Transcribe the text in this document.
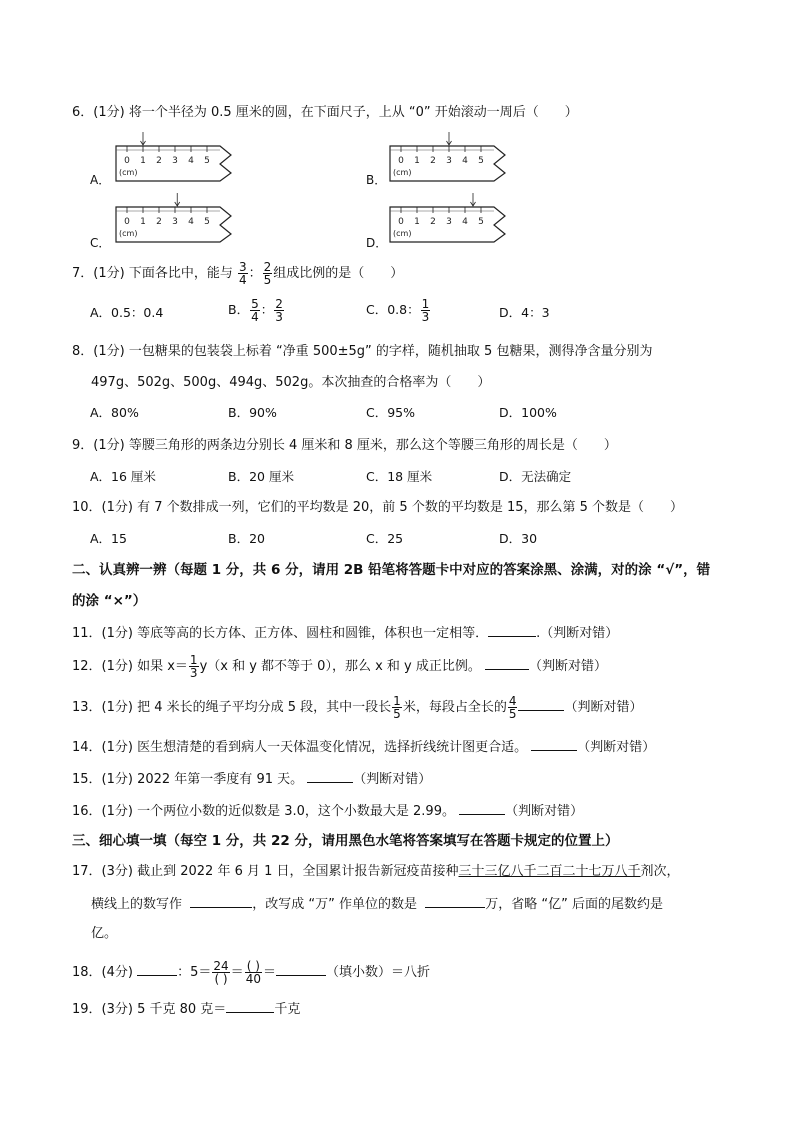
6．(1分) 将一个半径为 0.5 厘米的圆，在下面尺子，上从 “0” 开始滚动一周后（　　）
A．
0 1 2 3 4 5
(cm)
B．
0 1 2 3 4 5
(cm)
C．
0 1 2 3 4 5
(cm)
D．
0 1 2 3 4 5
(cm)
7．(1分) 下面各比中，能与 $\frac{3}{4}$ ： $\frac{2}{5}$ 组成比例的是（　　）
A．0.5：0.4	B． $\frac{5}{4}$ ： $\frac{2}{3}$	C．0.8： $\frac{1}{3}$	D．4：3
8．(1分) 一包糖果的包装袋上标着 “净重 500±5g” 的字样，随机抽取 5 包糖果，测得净含量分别为
497g、502g、500g、494g、502g。本次抽查的合格率为（　　）
A．80%	B．90%	C．95%	D．100%
9．(1分) 等腰三角形的两条边分别长 4 厘米和 8 厘米，那么这个等腰三角形的周长是（　　）
A．16 厘米	B．20 厘米	C．18 厘米	D．无法确定
10．(1分) 有 7 个数排成一列，它们的平均数是 20，前 5 个数的平均数是 15，那么第 5 个数是（　　）
A．15	B．20	C．25	D．30
二、认真辨一辨（每题 1 分，共 6 分，请用 2B 铅笔将答题卡中对应的答案涂黑、涂满，对的涂 “√”，错
的涂 “×”）
11．(1分) 等底等高的长方体、正方体、圆柱和圆锥，体积也一定相等．	.（判断对错）
12．(1分) 如果 $x= \frac{1}{3} y(x$ 和 y 都不等于 0），那么 x 和 y 成正比例。	（判断对错）
13．(1分) 把 4 米长的绳子平均分成 5 段，其中一段长 $\frac{1}{5}$ 米，每段占全长的 $\frac{4}{5}$	（判断对错）
14．(1分) 医生想清楚的看到病人一天体温变化情况，选择折线统计图更合适。	（判断对错）
15．(1分) 2022 年第一季度有 91 天。	（判断对错）
16．(1分) 一个两位小数的近似数是 3.0，这个小数最大是 2.99。	（判断对错）
三、细心填一填（每空 1 分，共 22 分，请用黑色水笔将答案填写在答题卡规定的位置上）
17．(3分) 截止到 2022 年 6 月 1 日，全国累计报告新冠疫苗接种三十三亿八千二百二十七万八千剂次，
横线上的数写作	，改写成 “万” 作单位的数是	万，省略 “亿” 后面的尾数约是
亿。
18．(4分)	：$5= \frac{24}{( )} = \frac{( )}{40}$ ＝	（填小数）＝八折
19．(3分) 5 千克 80 克＝	千克
